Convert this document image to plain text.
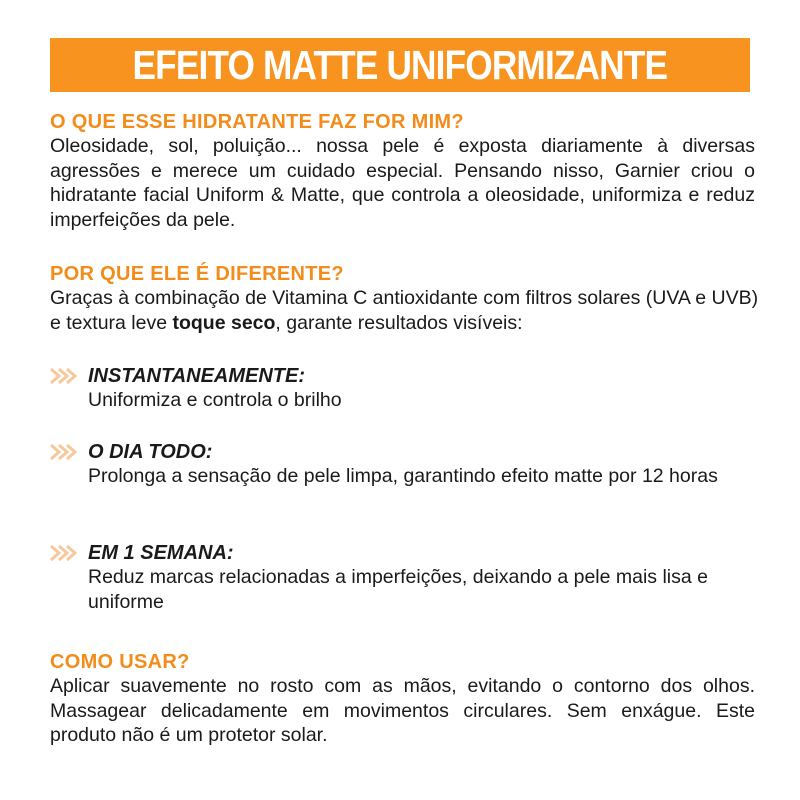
EFEITO MATTE UNIFORMIZANTE
O QUE ESSE HIDRATANTE FAZ FOR MIM?

Oleosidade, sol, poluição... nossa pele é exposta diariamente à diversas agressões e merece um cuidado especial. Pensando nisso, Garnier criou o hidratante facial Uniform & Matte, que controla a oleosidade, uniformiza e reduz imperfeições da pele.

POR QUE ELE É DIFERENTE?

Graças à combinação de Vitamina C antioxidante com filtros solares (UVA e UVB) e textura leve toque seco, garante resultados visíveis:

INSTANTANEAMENTE:

Uniformiza e controla o brilho

O DIA TODO:

Prolonga a sensação de pele limpa, garantindo efeito matte por 12 horas

EM 1 SEMANA:

Reduz marcas relacionadas a imperfeições, deixando a pele mais lisa e uniforme

COMO USAR?

Aplicar suavemente no rosto com as mãos, evitando o contorno dos olhos. Massagear delicadamente em movimentos circulares. Sem enxágue. Este produto não é um protetor solar.
